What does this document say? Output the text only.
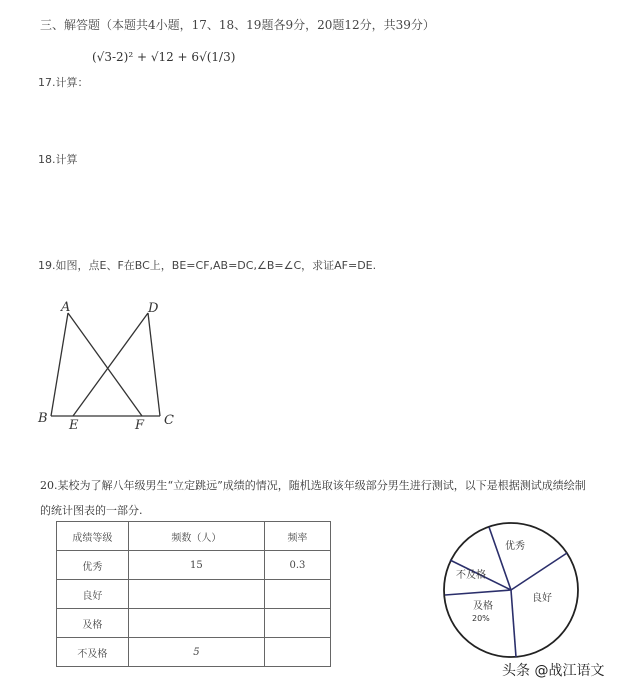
三、解答题（本题共4小题，17、18、19题各9分，20题12分，共39分）
(√3-2)² + √12 + 6√(1/3)
17.计算：
18.计算
19.如图，点E、F在BC上，BE=CF,AB=DC,∠B=∠C，求证AF=DE.
A	D
B E	F C
20.某校为了解八年级男生“立定跳远”成绩的情况，随机选取该年级部分男生进行测试，以下是根据测试成绩绘制
的统计图表的一部分.
成绩等级	频数（人）	频率
优秀	15	0.3
良好		
及格		
不及格	5	
优秀
不及格
良好
及格
20%
头条 @战江语文
